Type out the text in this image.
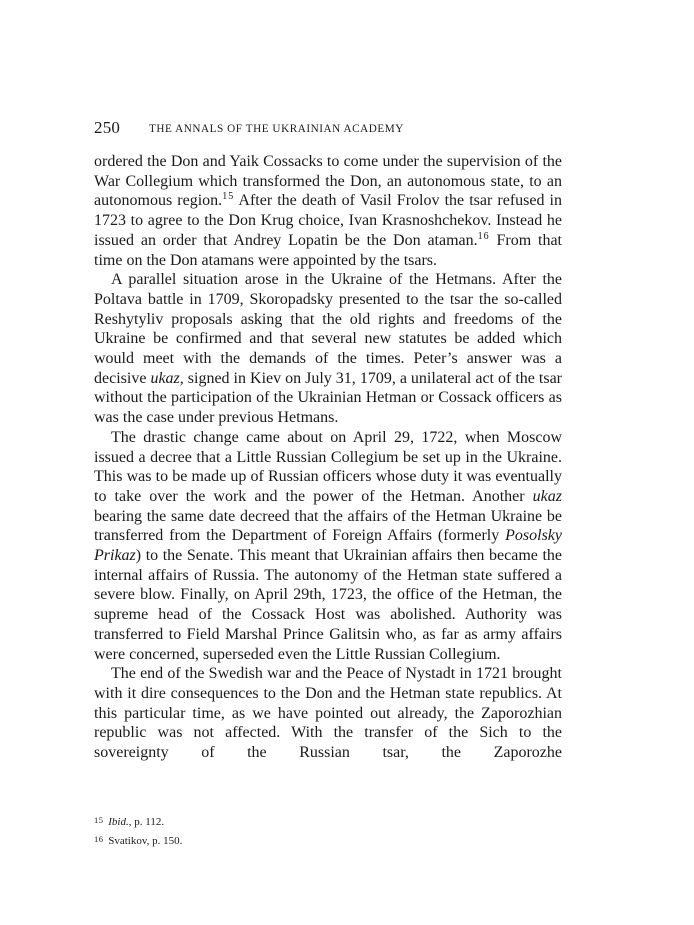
250	THE ANNALS OF THE UKRAINIAN ACADEMY

ordered the Don and Yaik Cossacks to come under the supervision of the War Collegium which transformed the Don, an autonomous state, to an autonomous region.$^{15}$ After the death of Vasil Frolov the tsar refused in 1723 to agree to the Don Krug choice, Ivan Krasnoshchekov. Instead he issued an order that Andrey Lopatin be the Don ataman.$^{16}$ From that time on the Don atamans were appointed by the tsars.

A parallel situation arose in the Ukraine of the Hetmans. After the Poltava battle in 1709, Skoropadsky presented to the tsar the so-called Reshytyliv proposals asking that the old rights and freedoms of the Ukraine be confirmed and that several new statutes be added which would meet with the demands of the times. Peter’s answer was a decisive ukaz, signed in Kiev on July 31, 1709, a unilateral act of the tsar without the participation of the Ukrainian Hetman or Cossack officers as was the case under previous Hetmans.

The drastic change came about on April 29, 1722, when Moscow issued a decree that a Little Russian Collegium be set up in the Ukraine. This was to be made up of Russian officers whose duty it was eventually to take over the work and the power of the Hetman. Another ukaz bearing the same date decreed that the affairs of the Hetman Ukraine be transferred from the Department of Foreign Affairs (formerly Posolsky Prikaz) to the Senate. This meant that Ukrainian affairs then became the internal affairs of Russia. The autonomy of the Hetman state suffered a severe blow. Finally, on April 29th, 1723, the office of the Hetman, the supreme head of the Cossack Host was abolished. Authority was transferred to Field Marshal Prince Galitsin who, as far as army affairs were concerned, superseded even the Little Russian Collegium.

The end of the Swedish war and the Peace of Nystadt in 1721 brought with it dire consequences to the Don and the Hetman state republics. At this particular time, as we have pointed out already, the Zaporozhian republic was not affected. With the transfer of the Sich to the sovereignty of the Russian tsar, the Zaporozhe

15 Ibid., p. 112.
16 Svatikov, p. 150.
